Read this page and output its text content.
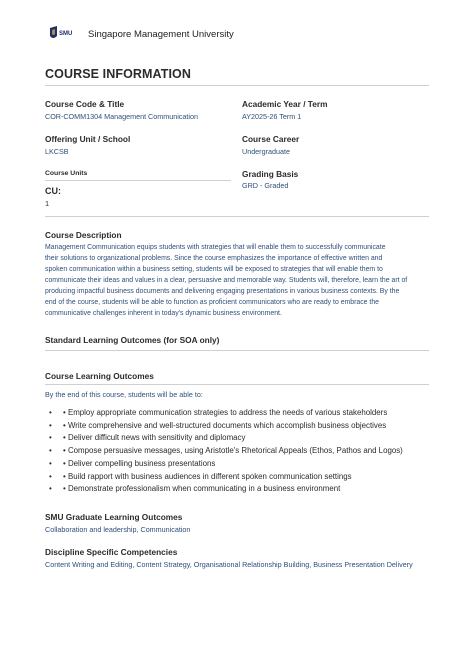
SMU Singapore Management University
COURSE INFORMATION
Course Code & Title
COR-COMM1304 Management Communication
Academic Year / Term
AY2025-26 Term 1
Offering Unit / School
LKCSB
Course Career
Undergraduate
Course Units
CU:
1
Grading Basis
GRD - Graded
Course Description
Management Communication equips students with strategies that will enable them to successfully communicate
their solutions to organizational problems. Since the course emphasizes the importance of effective written and
spoken communication within a business setting, students will be exposed to strategies that will enable them to
communicate their ideas and values in a clear, persuasive and memorable way. Students will, therefore, learn the art of
producing impactful business documents and delivering engaging presentations in various business contexts. By the
end of the course, students will be able to function as proficient communicators who are ready to embrace the
communicative challenges inherent in today's dynamic business environment.
Standard Learning Outcomes (for SOA only)
Course Learning Outcomes
By the end of this course, students will be able to:
• • Employ appropriate communication strategies to address the needs of various stakeholders
• • Write comprehensive and well-structured documents which accomplish business objectives
• • Deliver difficult news with sensitivity and diplomacy
• • Compose persuasive messages, using Aristotle's Rhetorical Appeals (Ethos, Pathos and Logos)
• • Deliver compelling business presentations
• • Build rapport with business audiences in different spoken communication settings
• • Demonstrate professionalism when communicating in a business environment
SMU Graduate Learning Outcomes
Collaboration and leadership, Communication
Discipline Specific Competencies
Content Writing and Editing, Content Strategy, Organisational Relationship Building, Business Presentation Delivery
